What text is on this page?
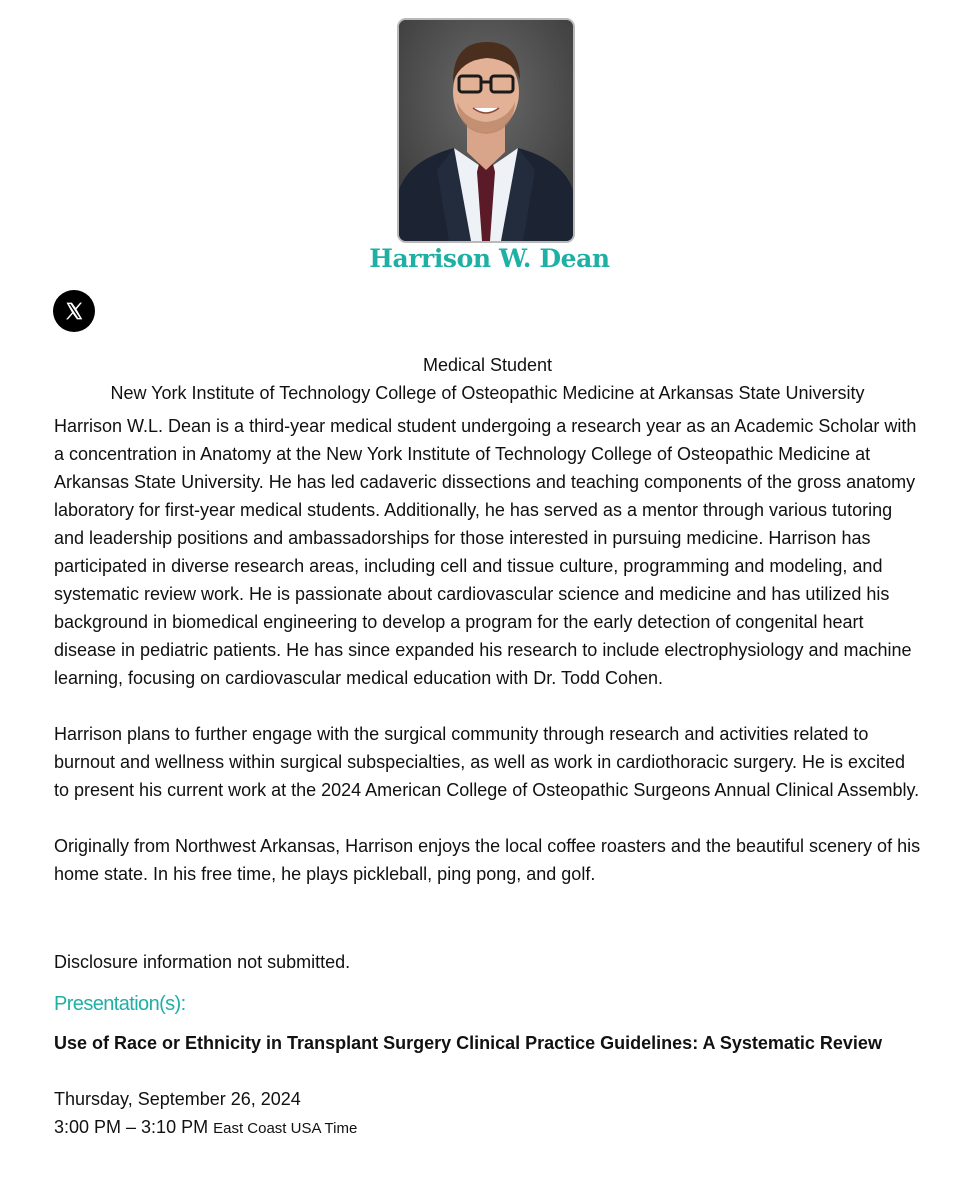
Harrison W. Dean
Medical Student
New York Institute of Technology College of Osteopathic Medicine at Arkansas State University

Harrison W.L. Dean is a third-year medical student undergoing a research year as an Academic Scholar with a concentration in Anatomy at the New York Institute of Technology College of Osteopathic Medicine at Arkansas State University. He has led cadaveric dissections and teaching components of the gross anatomy laboratory for first-year medical students. Additionally, he has served as a mentor through various tutoring and leadership positions and ambassadorships for those interested in pursuing medicine. Harrison has participated in diverse research areas, including cell and tissue culture, programming and modeling, and systematic review work. He is passionate about cardiovascular science and medicine and has utilized his background in biomedical engineering to develop a program for the early detection of congenital heart disease in pediatric patients. He has since expanded his research to include electrophysiology and machine learning, focusing on cardiovascular medical education with Dr. Todd Cohen.

Harrison plans to further engage with the surgical community through research and activities related to burnout and wellness within surgical subspecialties, as well as work in cardiothoracic surgery. He is excited to present his current work at the 2024 American College of Osteopathic Surgeons Annual Clinical Assembly.

Originally from Northwest Arkansas, Harrison enjoys the local coffee roasters and the beautiful scenery of his home state. In his free time, he plays pickleball, ping pong, and golf.

Disclosure information not submitted.
Presentation(s):
Use of Race or Ethnicity in Transplant Surgery Clinical Practice Guidelines: A Systematic Review
Thursday, September 26, 2024
3:00 PM – 3:10 PM East Coast USA Time
